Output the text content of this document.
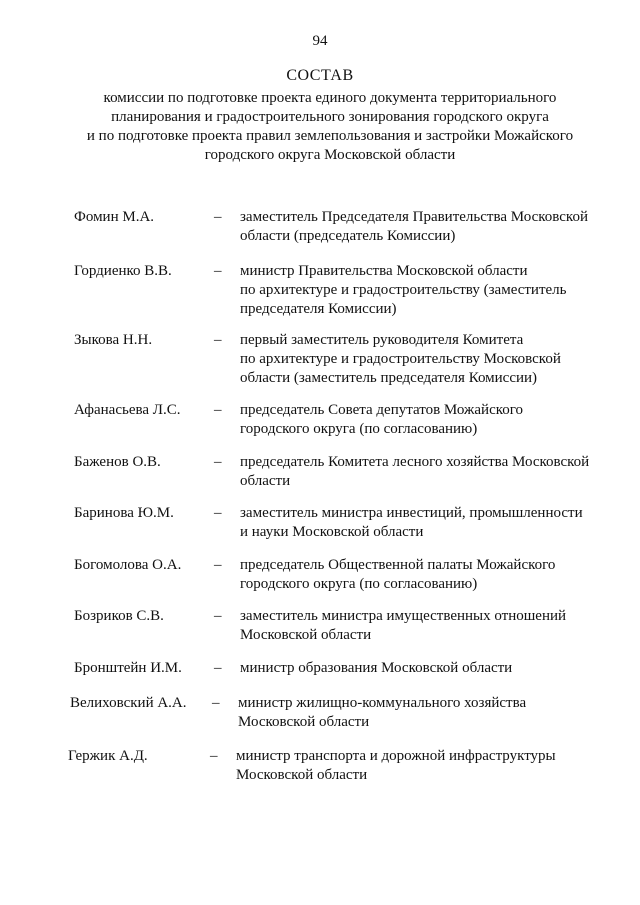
94
СОСТАВ
комиссии по подготовке проекта единого документа территориального
планирования и градостроительного зонирования городского округа
и по подготовке проекта правил землепользования и застройки Можайского
городского округа Московской области
Фомин М.А.	– заместитель Председателя Правительства Московской
области (председатель Комиссии)
Гордиенко В.В.	– министр Правительства Московской области
по архитектуре и градостроительству (заместитель
председателя Комиссии)
Зыкова Н.Н.	– первый заместитель руководителя Комитета
по архитектуре и градостроительству Московской
области (заместитель председателя Комиссии)
Афанасьева Л.С. – председатель Совета депутатов Можайского
городского округа (по согласованию)
Баженов О.В.	– председатель Комитета лесного хозяйства Московской
области
Баринова Ю.М.	– заместитель министра инвестиций, промышленности
и науки Московской области
Богомолова О.А. – председатель Общественной палаты Можайского
городского округа (по согласованию)
Бозриков С.В.	– заместитель министра имущественных отношений
Московской области
Бронштейн И.М. – министр образования Московской области
Велиховский А.А. – министр жилищно-коммунального хозяйства
Московской области
Гержик А.Д.	– министр транспорта и дорожной инфраструктуры
Московской области
